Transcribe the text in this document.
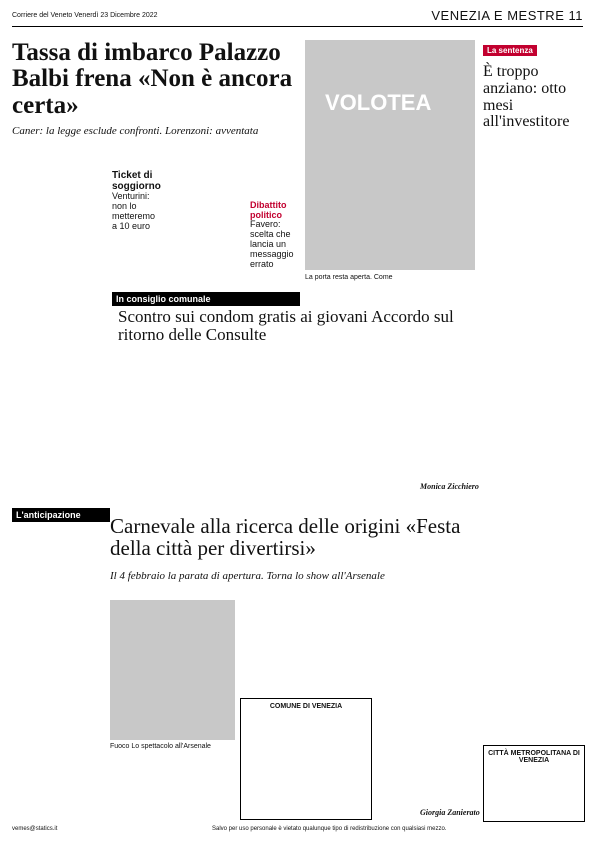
Corriere del Veneto Venerdì 23 Dicembre 2022	VENEZIA E MESTRE 11
Tassa di imbarco Palazzo Balbi frena «Non è ancora certa»
Caner: la legge esclude confronti. Lorenzoni: avventata
Ticket di soggiorno
Venturini: non lo metteremo a 10 euro
Dibattito politico
Favero: scelta che lancia un messaggio errato
VOLOTEA
La porta resta aperta. Come
La sentenza
È troppo anziano: otto mesi all'investitore
In consiglio comunale
Scontro sui condom gratis ai giovani Accordo sul ritorno delle Consulte
Monica Zicchiero
L'anticipazione	Carnevale alla ricerca delle origini «Festa della città per divertirsi»
Il 4 febbraio la parata di apertura. Torna lo show all'Arsenale
Fuoco Lo spettacolo all'Arsenale
Giorgia Zanierato
COMUNE DI VENEZIA
CITTÀ METROPOLITANA DI VENEZIA
vemes@statics.it	Salvo per uso personale è vietato qualunque tipo di redistribuzione con qualsiasi mezzo.
